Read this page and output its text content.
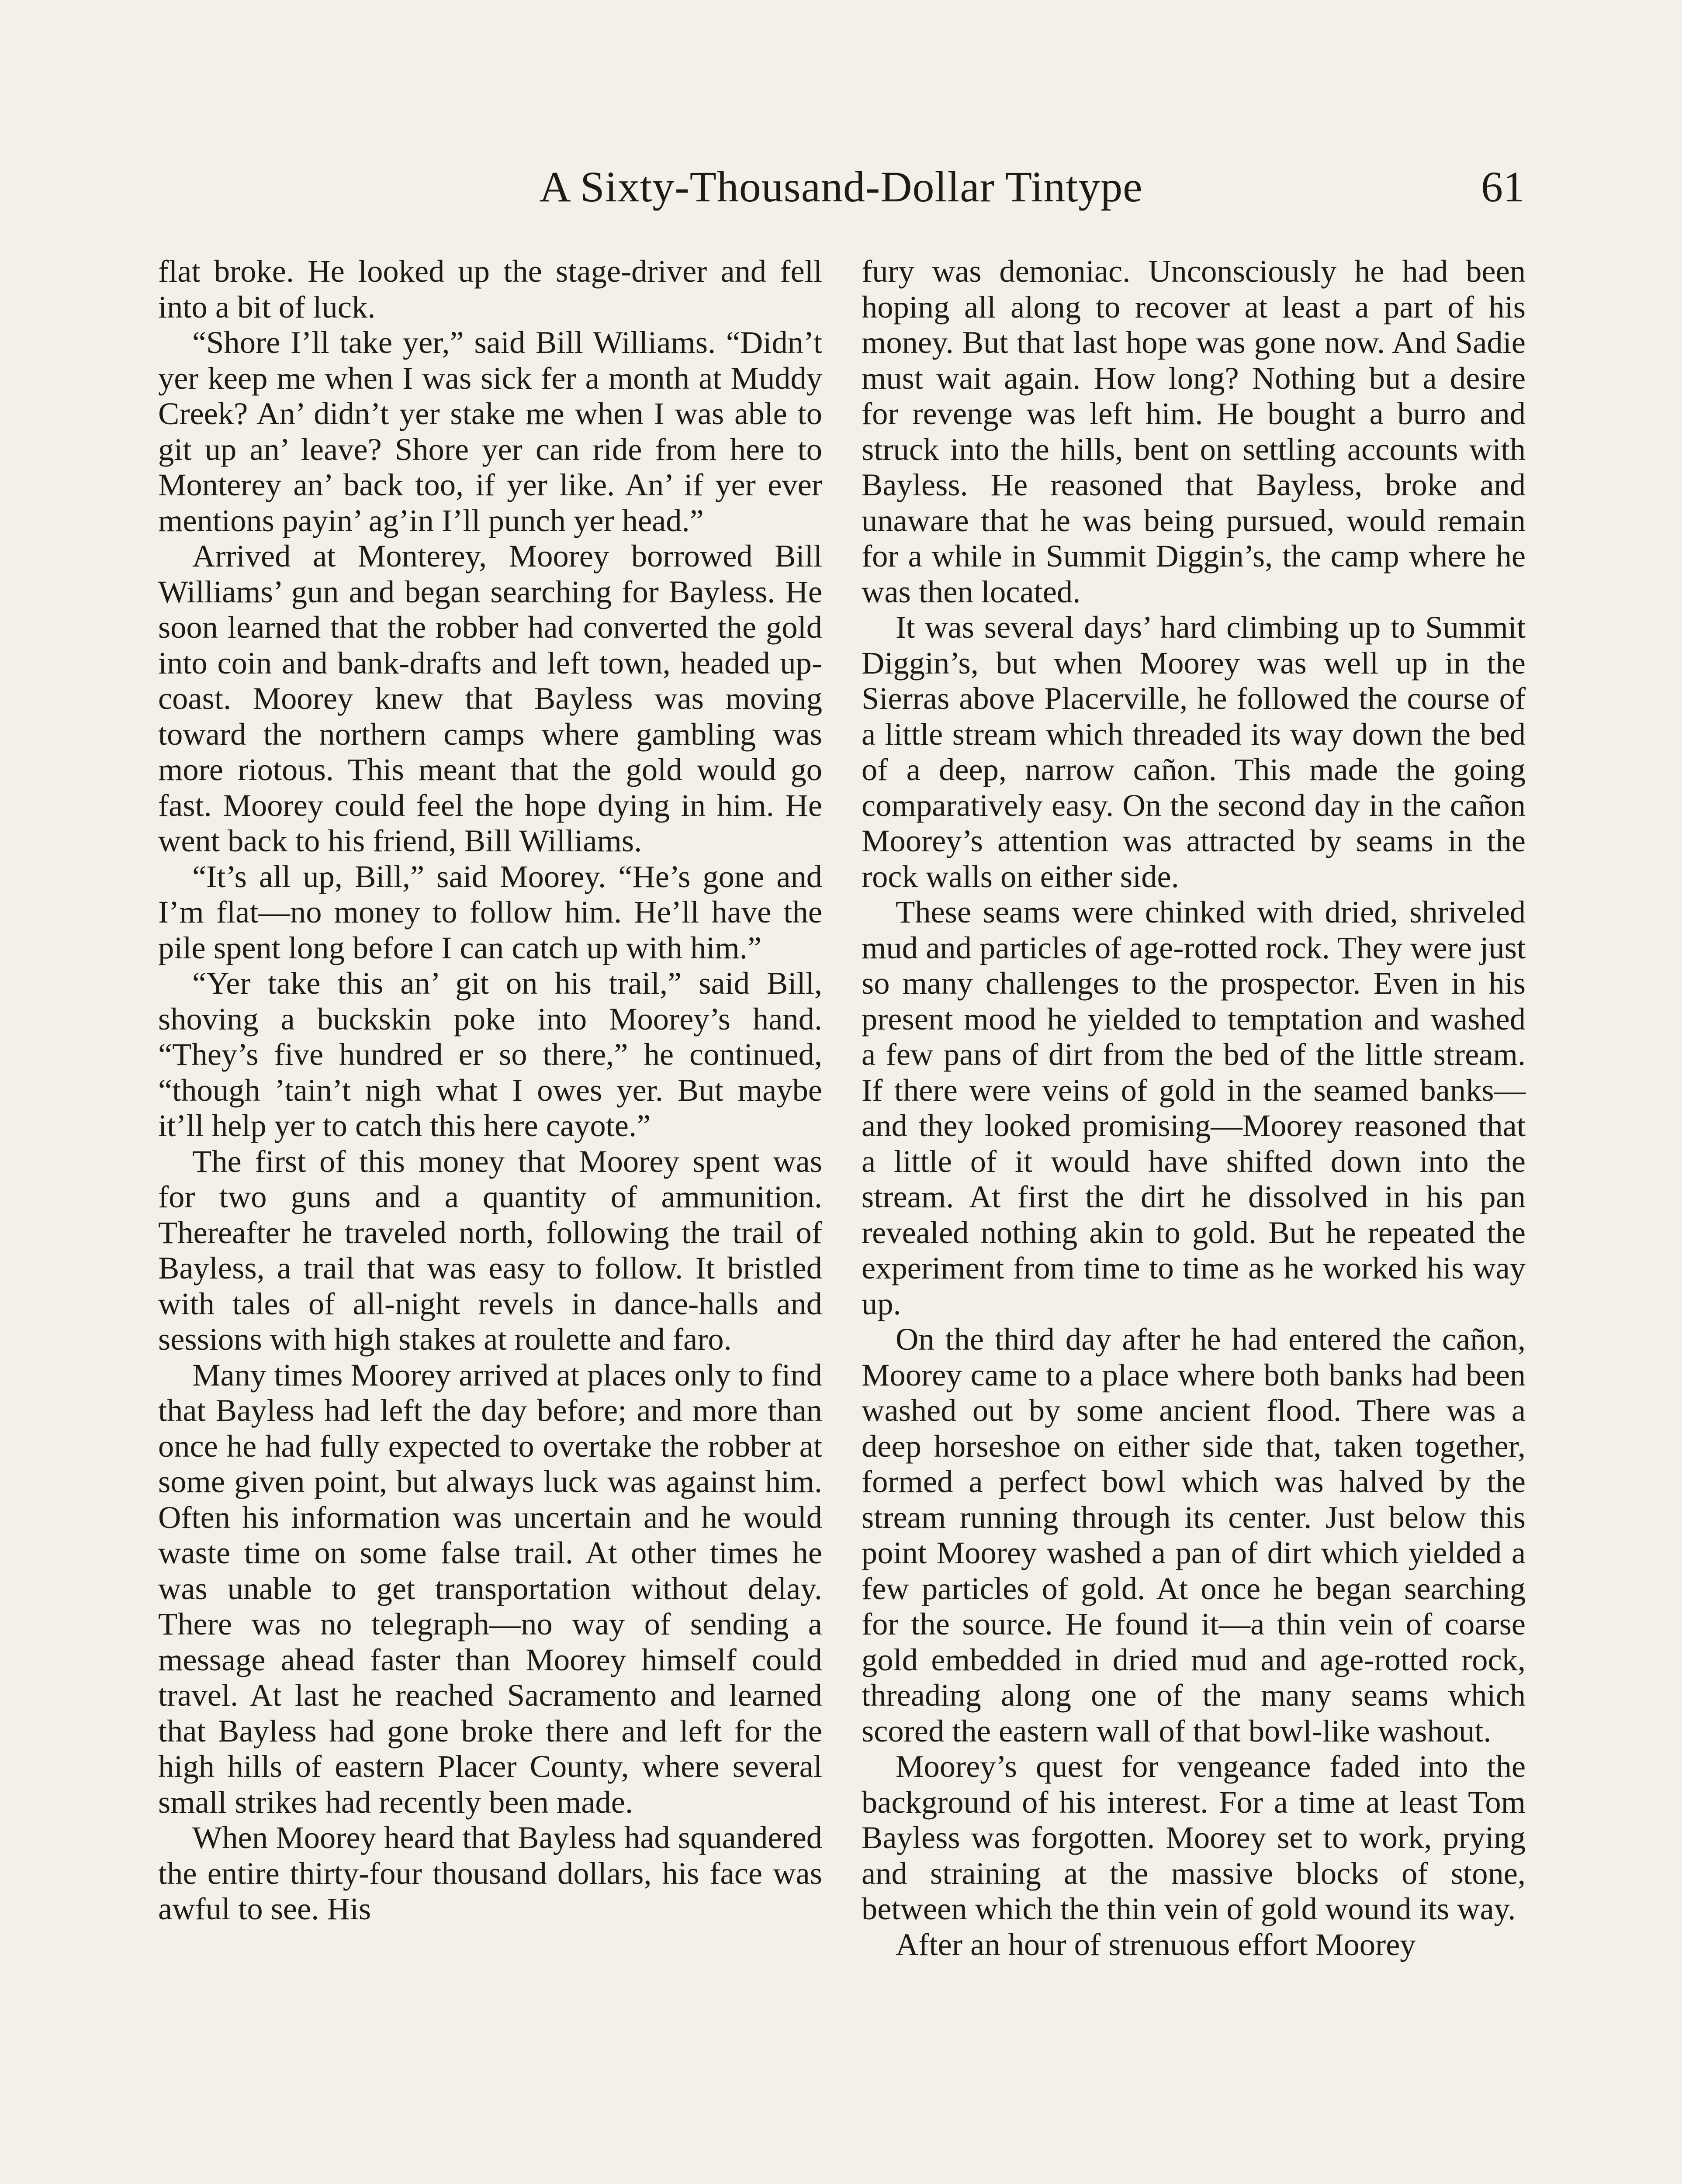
A Sixty-Thousand-Dollar Tintype	61

flat broke. He looked up the stage-driver and fell into a bit of luck.

“Shore I’ll take yer,” said Bill Williams. “Didn’t yer keep me when I was sick fer a month at Muddy Creek? An’ didn’t yer stake me when I was able to git up an’ leave? Shore yer can ride from here to Monterey an’ back too, if yer like. An’ if yer ever mentions payin’ ag’in I’ll punch yer head.”

Arrived at Monterey, Moorey borrowed Bill Williams’ gun and began searching for Bayless. He soon learned that the robber had converted the gold into coin and bank-drafts and left town, headed up-coast. Moorey knew that Bayless was moving toward the northern camps where gambling was more riotous. This meant that the gold would go fast. Moorey could feel the hope dying in him. He went back to his friend, Bill Williams.

“It’s all up, Bill,” said Moorey. “He’s gone and I’m flat—no money to follow him. He’ll have the pile spent long before I can catch up with him.”

“Yer take this an’ git on his trail,” said Bill, shoving a buckskin poke into Moorey’s hand. “They’s five hundred er so there,” he continued, “though ’tain’t nigh what I owes yer. But maybe it’ll help yer to catch this here cayote.”

The first of this money that Moorey spent was for two guns and a quantity of ammunition. Thereafter he traveled north, following the trail of Bayless, a trail that was easy to follow. It bristled with tales of all-night revels in dance-halls and sessions with high stakes at roulette and faro.

Many times Moorey arrived at places only to find that Bayless had left the day before; and more than once he had fully expected to overtake the robber at some given point, but always luck was against him. Often his information was uncertain and he would waste time on some false trail. At other times he was unable to get transportation without delay. There was no telegraph—no way of sending a message ahead faster than Moorey himself could travel. At last he reached Sacramento and learned that Bayless had gone broke there and left for the high hills of eastern Placer County, where several small strikes had recently been made.

When Moorey heard that Bayless had squandered the entire thirty-four thousand dollars, his face was awful to see. His

fury was demoniac. Unconsciously he had been hoping all along to recover at least a part of his money. But that last hope was gone now. And Sadie must wait again. How long? Nothing but a desire for revenge was left him. He bought a burro and struck into the hills, bent on settling accounts with Bayless. He reasoned that Bayless, broke and unaware that he was being pursued, would remain for a while in Summit Diggin’s, the camp where he was then located.

It was several days’ hard climbing up to Summit Diggin’s, but when Moorey was well up in the Sierras above Placerville, he followed the course of a little stream which threaded its way down the bed of a deep, narrow cañon. This made the going comparatively easy. On the second day in the cañon Moorey’s attention was attracted by seams in the rock walls on either side.

These seams were chinked with dried, shriveled mud and particles of age-rotted rock. They were just so many challenges to the prospector. Even in his present mood he yielded to temptation and washed a few pans of dirt from the bed of the little stream. If there were veins of gold in the seamed banks—and they looked promising—Moorey reasoned that a little of it would have shifted down into the stream. At first the dirt he dissolved in his pan revealed nothing akin to gold. But he repeated the experiment from time to time as he worked his way up.

On the third day after he had entered the cañon, Moorey came to a place where both banks had been washed out by some ancient flood. There was a deep horseshoe on either side that, taken together, formed a perfect bowl which was halved by the stream running through its center. Just below this point Moorey washed a pan of dirt which yielded a few particles of gold. At once he began searching for the source. He found it—a thin vein of coarse gold embedded in dried mud and age-rotted rock, threading along one of the many seams which scored the eastern wall of that bowl-like washout.

Moorey’s quest for vengeance faded into the background of his interest. For a time at least Tom Bayless was forgotten. Moorey set to work, prying and straining at the massive blocks of stone, between which the thin vein of gold wound its way.

After an hour of strenuous effort Moorey
